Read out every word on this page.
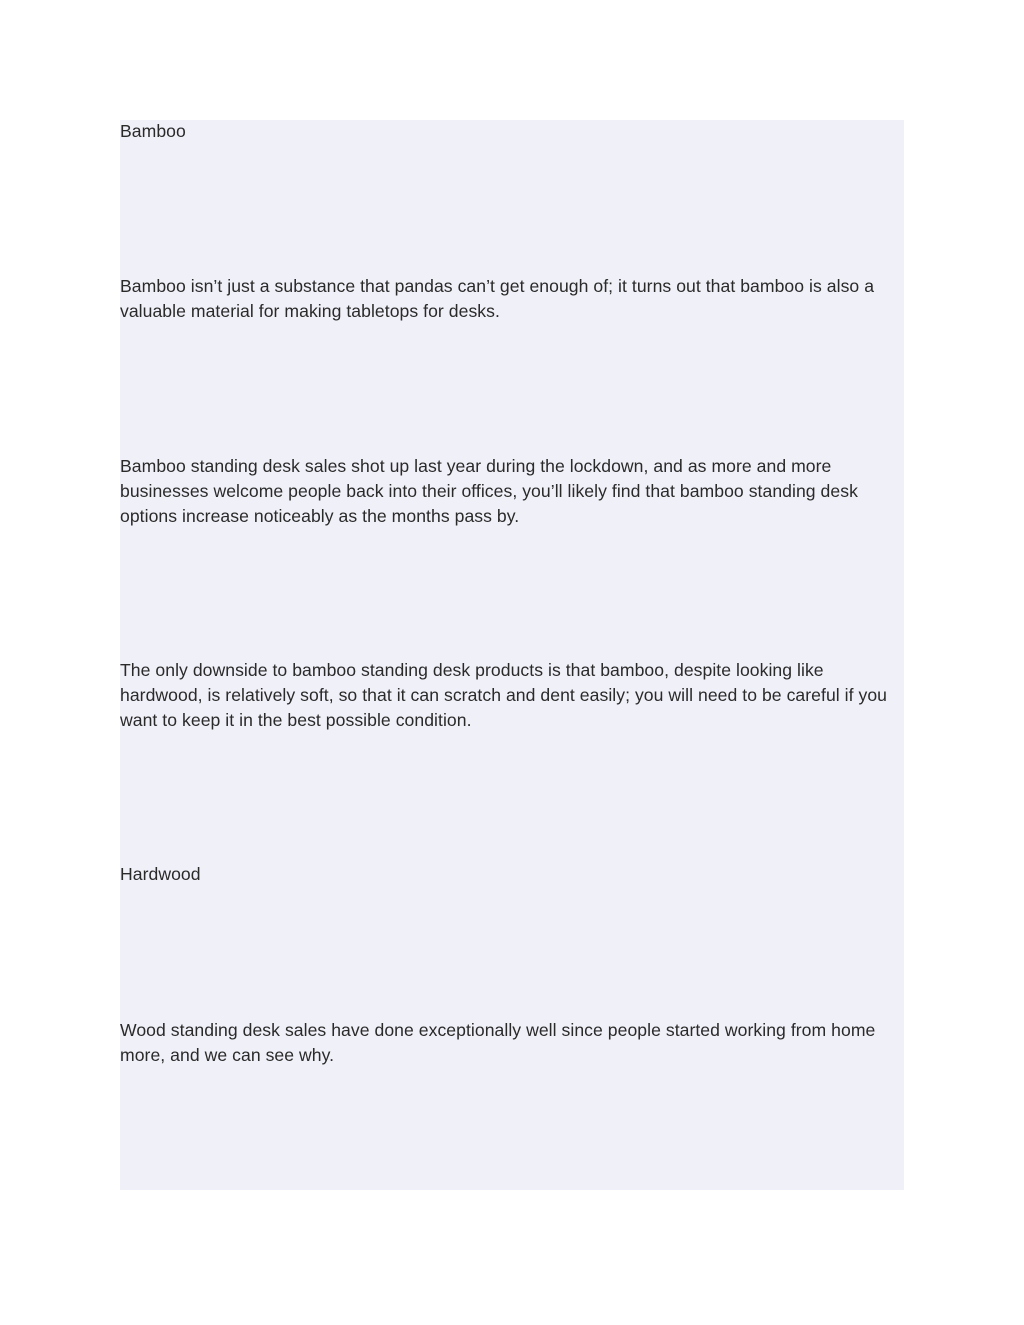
Bamboo

Bamboo isn’t just a substance that pandas can’t get enough of; it turns out that bamboo is also a valuable material for making tabletops for desks.

Bamboo standing desk sales shot up last year during the lockdown, and as more and more businesses welcome people back into their offices, you’ll likely find that bamboo standing desk options increase noticeably as the months pass by.

The only downside to bamboo standing desk products is that bamboo, despite looking like hardwood, is relatively soft, so that it can scratch and dent easily; you will need to be careful if you want to keep it in the best possible condition.

Hardwood

Wood standing desk sales have done exceptionally well since people started working from home more, and we can see why.
